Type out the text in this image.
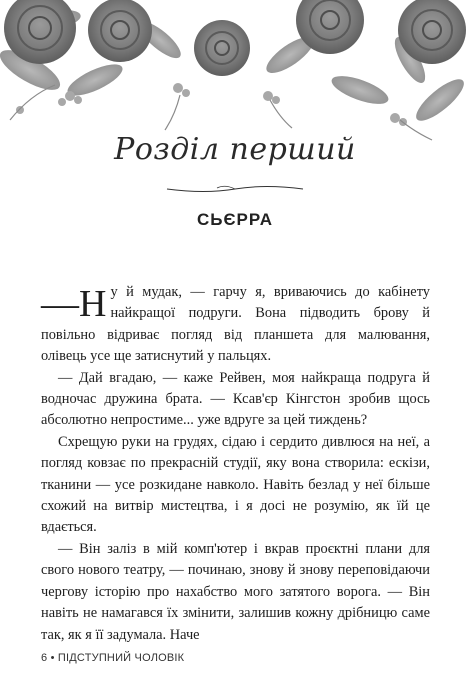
Розділ перший
СЬЄРРА

—Н у й мудак, — гарчу я, вриваючись до кабінету найкращої подруги. Вона підводить брову й повільно відриває погляд від планшета для малювання, олівець усе ще затиснутий у пальцях.

— Дай вгадаю, — каже Рейвен, моя найкраща подруга й водночас дружина брата. — Ксав'єр Кінгстон зробив щось абсолютно непростиме... уже вдруге за цей тиждень?

Схрещую руки на грудях, сідаю і сердито дивлюся на неї, а погляд ковзає по прекрасній студії, яку вона створила: ескізи, тканини — усе розкидане навколо. Навіть безлад у неї більше схожий на витвір мистецтва, і я досі не розумію, як їй це вдається.

— Він заліз в мій комп'ютер і вкрав проєктні плани для свого нового театру, — починаю, знову й знову переповідаючи чергову історію про нахабство мого затятого ворога. — Він навіть не намагався їх змінити, залишив кожну дрібницю саме так, як я її задумала. Наче

6 • ПІДСТУПНИЙ ЧОЛОВІК
